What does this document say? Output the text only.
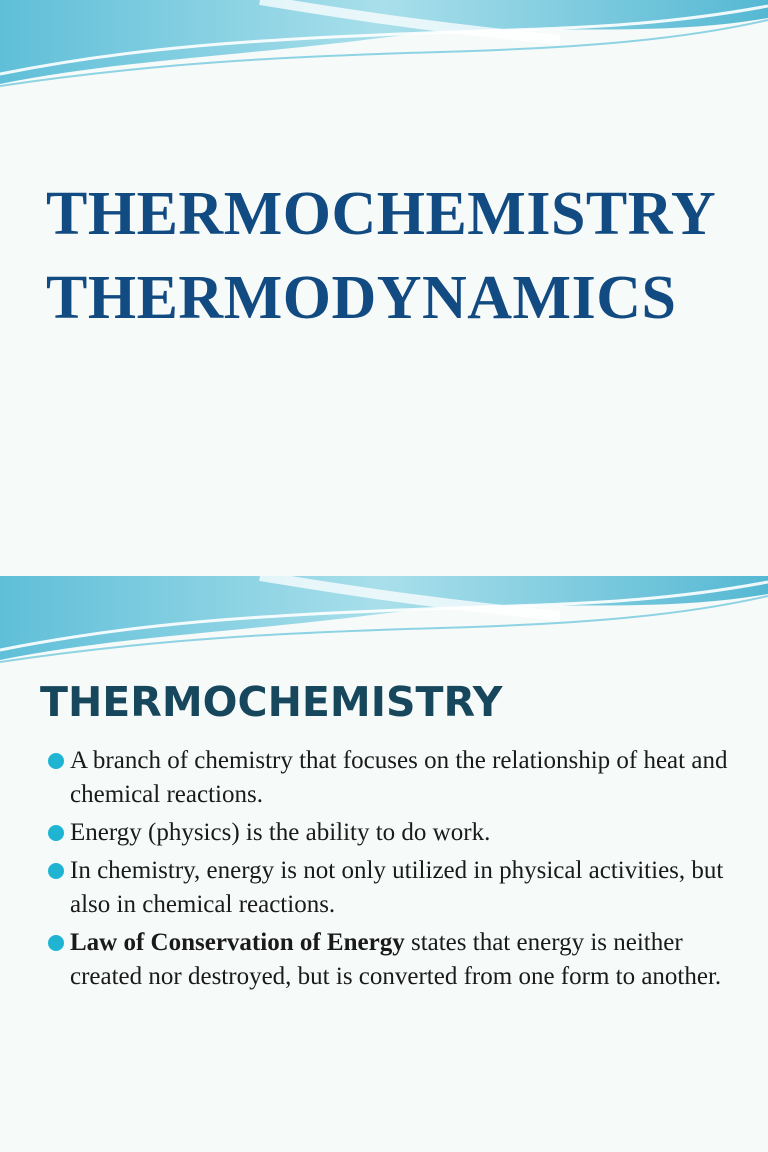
THERMOCHEMISTRY
THERMODYNAMICS
THERMOCHEMISTRY
A branch of chemistry that focuses on the relationship of heat and chemical reactions.
Energy (physics) is the ability to do work.
In chemistry, energy is not only utilized in physical activities, but also in chemical reactions.
Law of Conservation of Energy states that energy is neither created nor destroyed, but is converted from one form to another.
